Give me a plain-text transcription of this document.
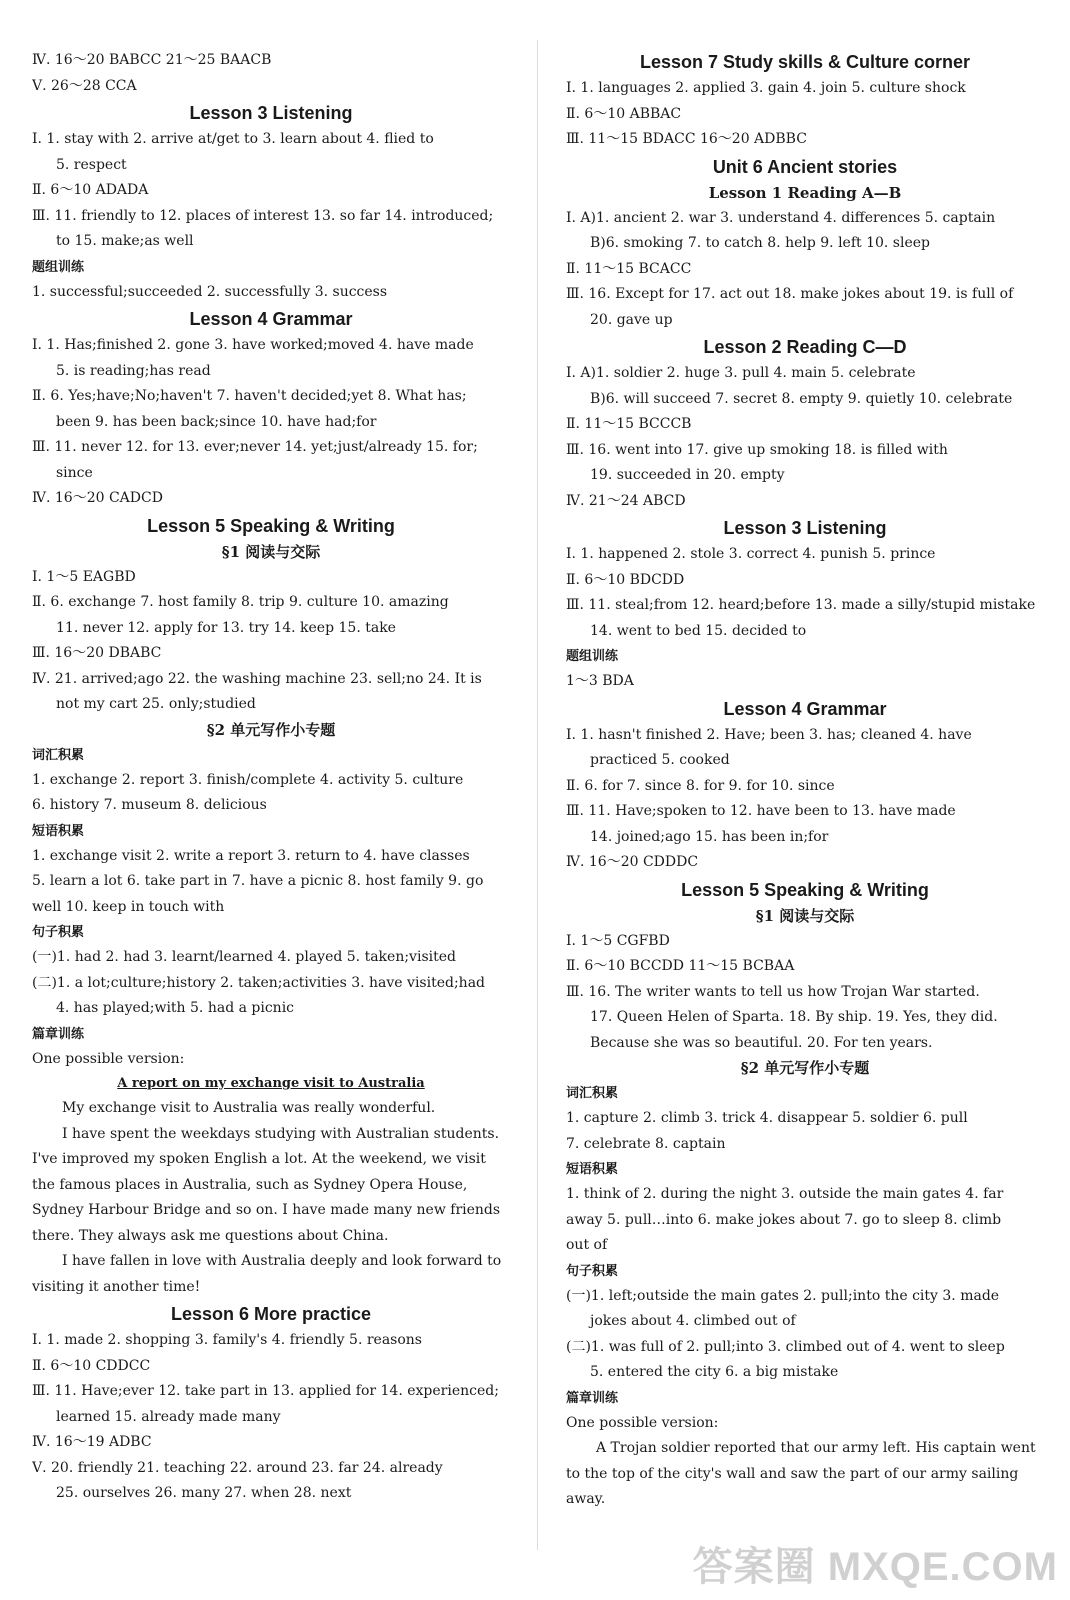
Ⅳ. 16～20 BABCC 21～25 BAACB
Ⅴ. 26～28 CCA
Lesson 3 Listening
Ⅰ. 1. stay with 2. arrive at/get to 3. learn about 4. flied to
5. respect
Ⅱ. 6～10 ADADA
Ⅲ. 11. friendly to 12. places of interest 13. so far 14. introduced;
to 15. make;as well
题组训练
1. successful;succeeded 2. successfully 3. success
Lesson 4 Grammar
Ⅰ. 1. Has;finished 2. gone 3. have worked;moved 4. have made
5. is reading;has read
Ⅱ. 6. Yes;have;No;haven't 7. haven't decided;yet 8. What has;
been 9. has been back;since 10. have had;for
Ⅲ. 11. never 12. for 13. ever;never 14. yet;just/already 15. for;
since
Ⅳ. 16～20 CADCD
Lesson 5 Speaking & Writing
§1 阅读与交际
Ⅰ. 1～5 EAGBD
Ⅱ. 6. exchange 7. host family 8. trip 9. culture 10. amazing
11. never 12. apply for 13. try 14. keep 15. take
Ⅲ. 16～20 DBABC
Ⅳ. 21. arrived;ago 22. the washing machine 23. sell;no 24. It is
not my cart 25. only;studied
§2 单元写作小专题
词汇积累
1. exchange 2. report 3. finish/complete 4. activity 5. culture
6. history 7. museum 8. delicious
短语积累
1. exchange visit 2. write a report 3. return to 4. have classes
5. learn a lot 6. take part in 7. have a picnic 8. host family 9. go
well 10. keep in touch with
句子积累
(一)1. had 2. had 3. learnt/learned 4. played 5. taken;visited
(二)1. a lot;culture;history 2. taken;activities 3. have visited;had
4. has played;with 5. had a picnic
篇章训练
One possible version:
A report on my exchange visit to Australia
My exchange visit to Australia was really wonderful.
I have spent the weekdays studying with Australian students. I've improved my spoken English a lot. At the weekend, we visit the famous places in Australia, such as Sydney Opera House, Sydney Harbour Bridge and so on. I have made many new friends there. They always ask me questions about China.
I have fallen in love with Australia deeply and look forward to visiting it another time!
Lesson 6 More practice
Ⅰ. 1. made 2. shopping 3. family's 4. friendly 5. reasons
Ⅱ. 6～10 CDDCC
Ⅲ. 11. Have;ever 12. take part in 13. applied for 14. experienced;
learned 15. already made many
Ⅳ. 16～19 ADBC
Ⅴ. 20. friendly 21. teaching 22. around 23. far 24. already
25. ourselves 26. many 27. when 28. next
Lesson 7 Study skills & Culture corner
Ⅰ. 1. languages 2. applied 3. gain 4. join 5. culture shock
Ⅱ. 6～10 ABBAC
Ⅲ. 11～15 BDACC 16～20 ADBBC
Unit 6 Ancient stories
Lesson 1 Reading A—B
Ⅰ. A)1. ancient 2. war 3. understand 4. differences 5. captain
B)6. smoking 7. to catch 8. help 9. left 10. sleep
Ⅱ. 11～15 BCACC
Ⅲ. 16. Except for 17. act out 18. make jokes about 19. is full of
20. gave up
Lesson 2 Reading C—D
Ⅰ. A)1. soldier 2. huge 3. pull 4. main 5. celebrate
B)6. will succeed 7. secret 8. empty 9. quietly 10. celebrate
Ⅱ. 11～15 BCCCB
Ⅲ. 16. went into 17. give up smoking 18. is filled with
19. succeeded in 20. empty
Ⅳ. 21～24 ABCD
Lesson 3 Listening
Ⅰ. 1. happened 2. stole 3. correct 4. punish 5. prince
Ⅱ. 6～10 BDCDD
Ⅲ. 11. steal;from 12. heard;before 13. made a silly/stupid mistake
14. went to bed 15. decided to
题组训练
1～3 BDA
Lesson 4 Grammar
Ⅰ. 1. hasn't finished 2. Have; been 3. has; cleaned 4. have
practiced 5. cooked
Ⅱ. 6. for 7. since 8. for 9. for 10. since
Ⅲ. 11. Have;spoken to 12. have been to 13. have made
14. joined;ago 15. has been in;for
Ⅳ. 16～20 CDDDC
Lesson 5 Speaking & Writing
§1 阅读与交际
Ⅰ. 1～5 CGFBD
Ⅱ. 6～10 BCCDD 11～15 BCBAA
Ⅲ. 16. The writer wants to tell us how Trojan War started.
17. Queen Helen of Sparta. 18. By ship. 19. Yes, they did.
Because she was so beautiful. 20. For ten years.
§2 单元写作小专题
词汇积累
1. capture 2. climb 3. trick 4. disappear 5. soldier 6. pull
7. celebrate 8. captain
短语积累
1. think of 2. during the night 3. outside the main gates 4. far
away 5. pull…into 6. make jokes about 7. go to sleep 8. climb
out of
句子积累
(一)1. left;outside the main gates 2. pull;into the city 3. made
jokes about 4. climbed out of
(二)1. was full of 2. pull;into 3. climbed out of 4. went to sleep
5. entered the city 6. a big mistake
篇章训练
One possible version:
A Trojan soldier reported that our army left. His captain went to the top of the city's wall and saw the part of our army sailing away.
答案圈 MXQE.COM
